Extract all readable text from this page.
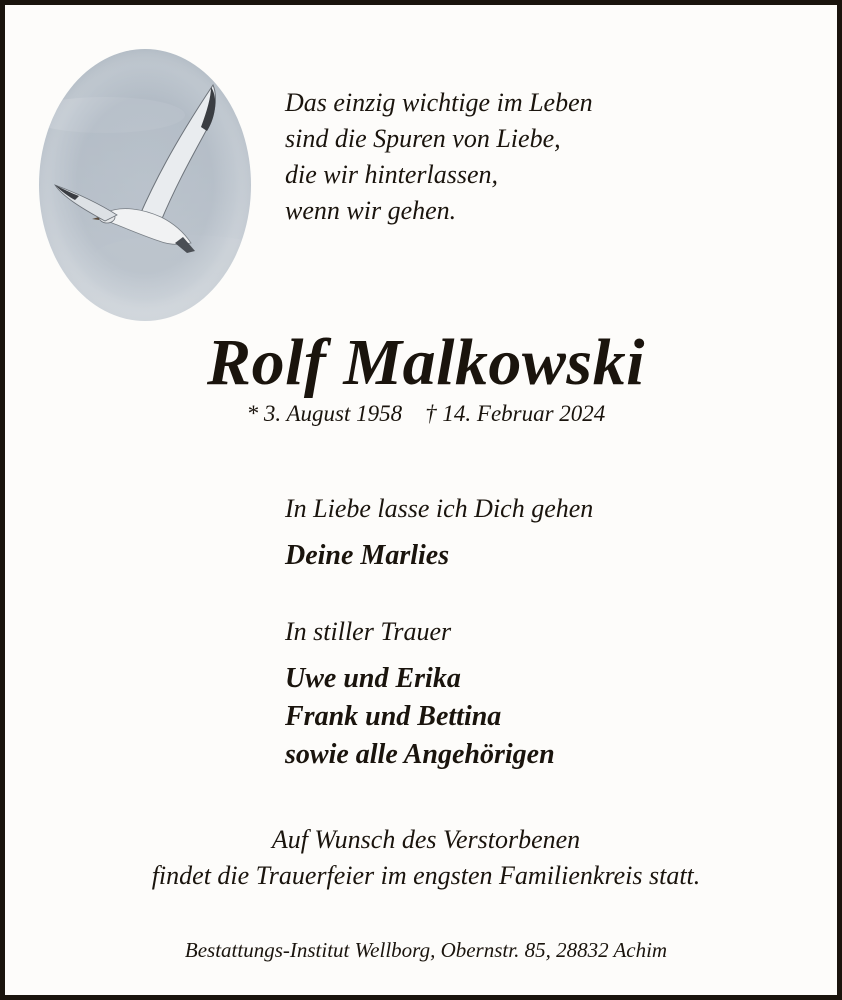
Das einzig wichtige im Leben
sind die Spuren von Liebe,
die wir hinterlassen,
wenn wir gehen.
Rolf Malkowski
* 3. August 1958    † 14. Februar 2024
In Liebe lasse ich Dich gehen
Deine Marlies
In stiller Trauer
Uwe und Erika
Frank und Bettina
sowie alle Angehörigen
Auf Wunsch des Verstorbenen
findet die Trauerfeier im engsten Familienkreis statt.
Bestattungs-Institut Wellborg, Obernstr. 85, 28832 Achim
